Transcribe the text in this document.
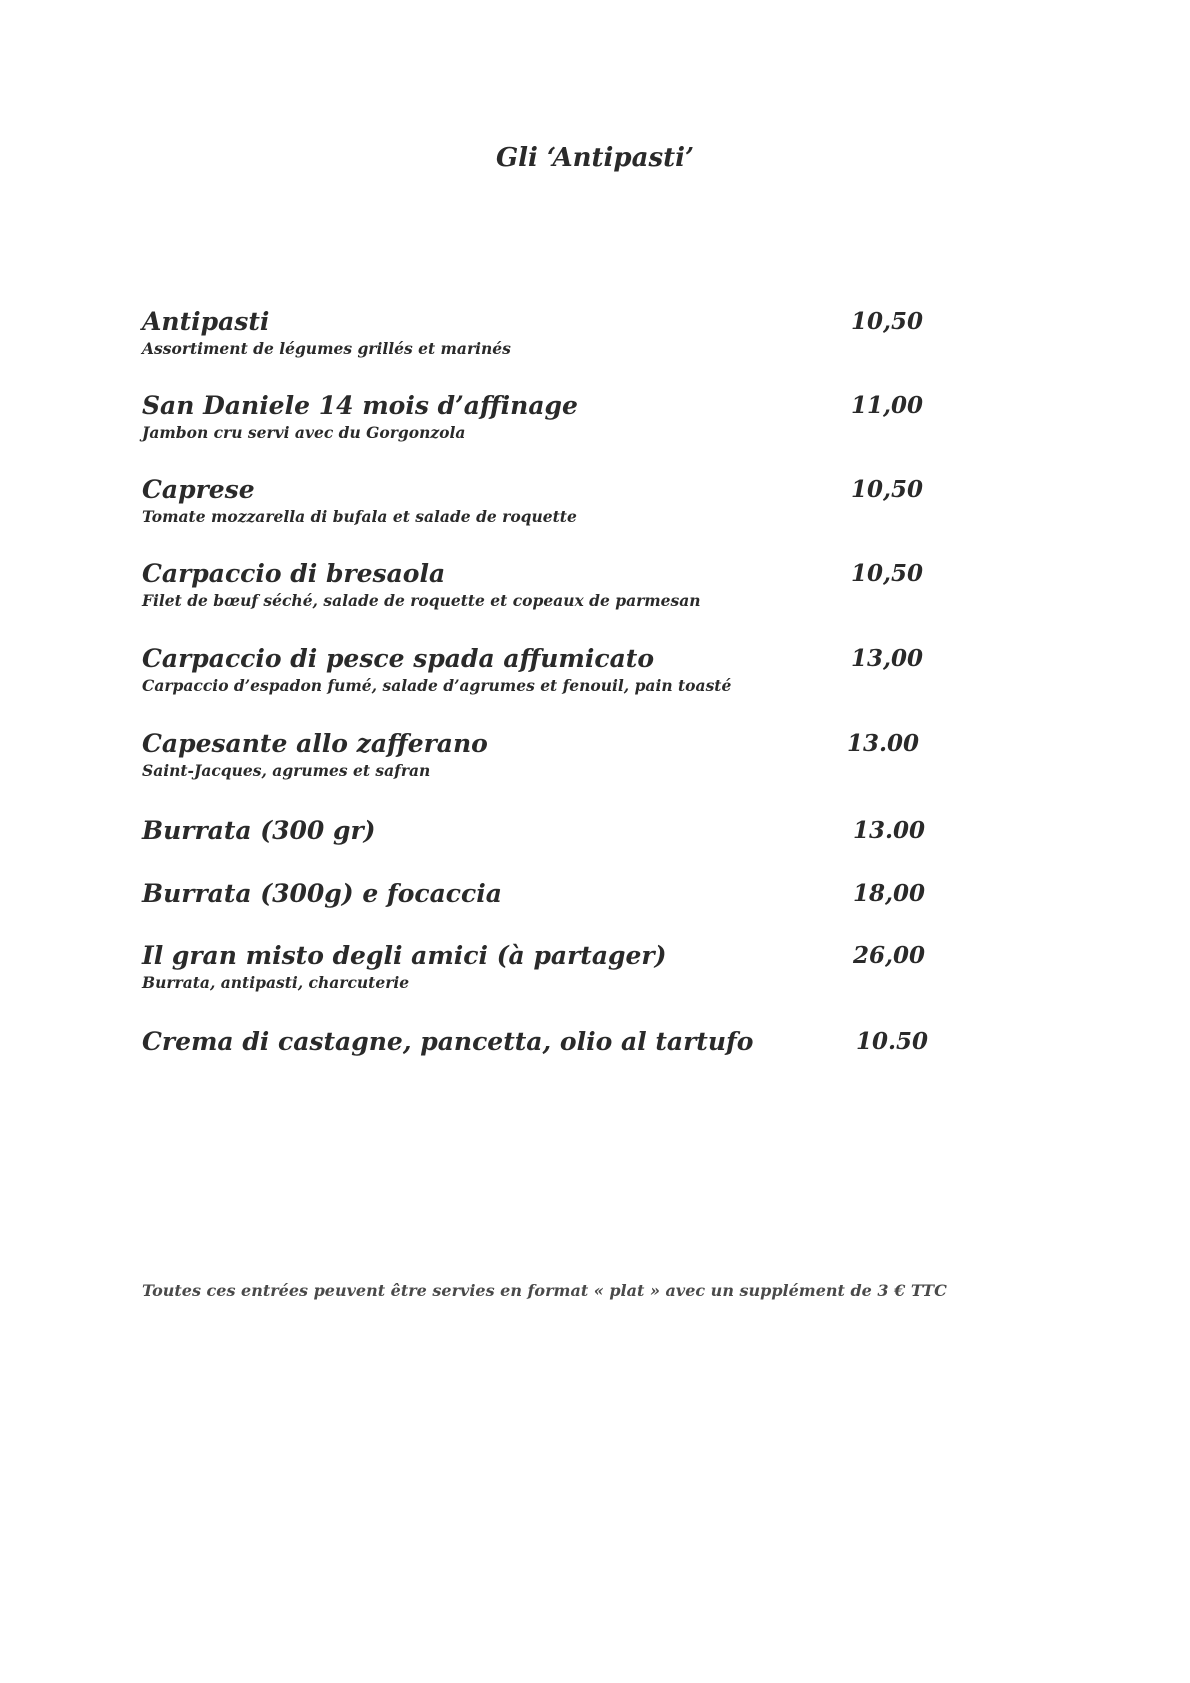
Gli ‘Antipasti’
Antipasti	10,50
Assortiment de légumes grillés et marinés
San Daniele 14 mois d’affinage	11,00
Jambon cru servi avec du Gorgonzola
Caprese	10,50
Tomate mozzarella di bufala et salade de roquette
Carpaccio di bresaola	10,50
Filet de bœuf séché, salade de roquette et copeaux de parmesan
Carpaccio di pesce spada affumicato	13,00
Carpaccio d’espadon fumé, salade d’agrumes et fenouil, pain toasté
Capesante allo zafferano	13.00
Saint-Jacques, agrumes et safran
Burrata (300 gr)	13.00
Burrata (300g) e focaccia	18,00
Il gran misto degli amici (à partager)	26,00
Burrata, antipasti, charcuterie
Crema di castagne, pancetta, olio al tartufo	10.50
Toutes ces entrées peuvent être servies en format « plat » avec un supplément de 3 € TTC
